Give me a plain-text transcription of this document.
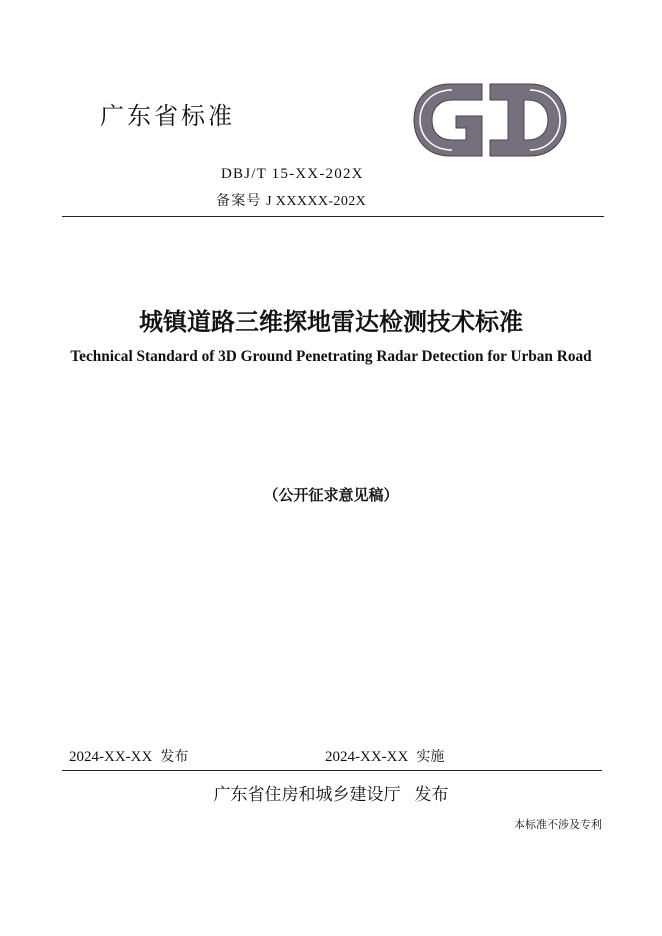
广东省标准
DBJ/T 15-XX-202X
备案号 J XXXXX-202X
城镇道路三维探地雷达检测技术标准
Technical Standard of 3D Ground Penetrating Radar Detection for Urban Road
（公开征求意见稿）
2024-XX-XX 发布	2024-XX-XX 实施
广东省住房和城乡建设厅 发布
本标准不涉及专利
